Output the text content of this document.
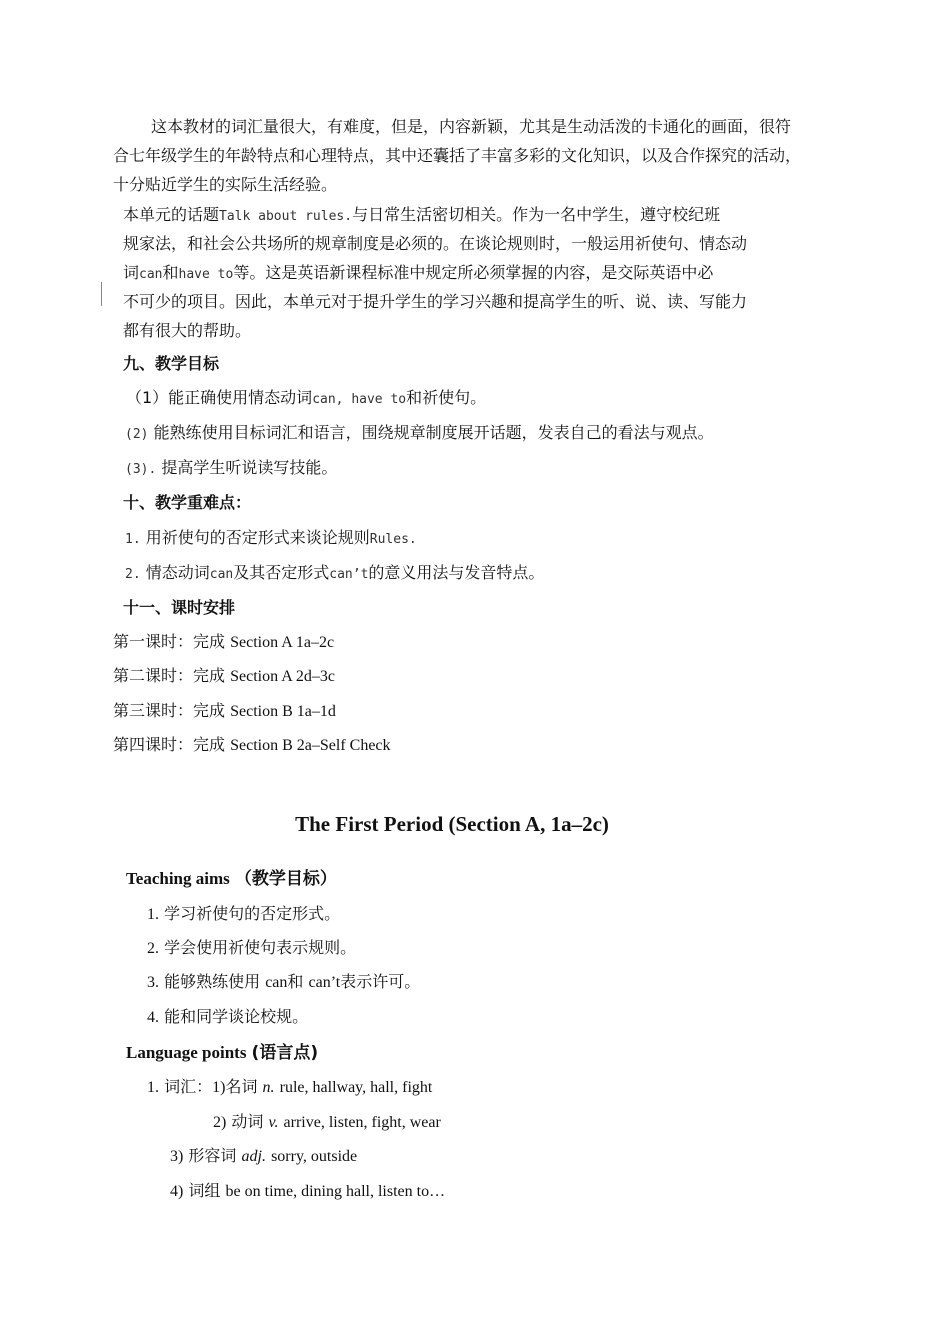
这本教材的词汇量很大，有难度，但是，内容新颖，尤其是生动活泼的卡通化的画面，很符
合七年级学生的年龄特点和心理特点，其中还囊括了丰富多彩的文化知识，以及合作探究的活动，
十分贴近学生的实际生活经验。
本单元的话题Talk about rules.与日常生活密切相关。作为一名中学生，遵守校纪班
规家法，和社会公共场所的规章制度是必须的。在谈论规则时，一般运用祈使句、情态动
词can和have to等。这是英语新课程标准中规定所必须掌握的内容，是交际英语中必
不可少的项目。因此，本单元对于提升学生的学习兴趣和提高学生的听、说、读、写能力
都有很大的帮助。
九、教学目标
（1）能正确使用情态动词can, have to和祈使句。
(2) 能熟练使用目标词汇和语言，围绕规章制度展开话题，发表自己的看法与观点。
(3). 提高学生听说读写技能。
十、教学重难点：
1. 用祈使句的否定形式来谈论规则Rules.
2. 情态动词can及其否定形式can’t的意义用法与发音特点。
十一、课时安排
第一课时：完成 Section A 1a–2c
第二课时：完成 Section A 2d–3c
第三课时：完成 Section B 1a–1d
第四课时：完成 Section B 2a–Self Check
The First Period (Section A, 1a–2c)
Teaching aims （教学目标）
1. 学习祈使句的否定形式。
2. 学会使用祈使句表示规则。
3. 能够熟练使用 can和 can’t表示许可。
4. 能和同学谈论校规。
Language points (语言点)
1. 词汇：1)名词 n. rule, hallway, hall, fight
2) 动词 v. arrive, listen, fight, wear
3) 形容词 adj. sorry, outside
4) 词组 be on time, dining hall, listen to…
